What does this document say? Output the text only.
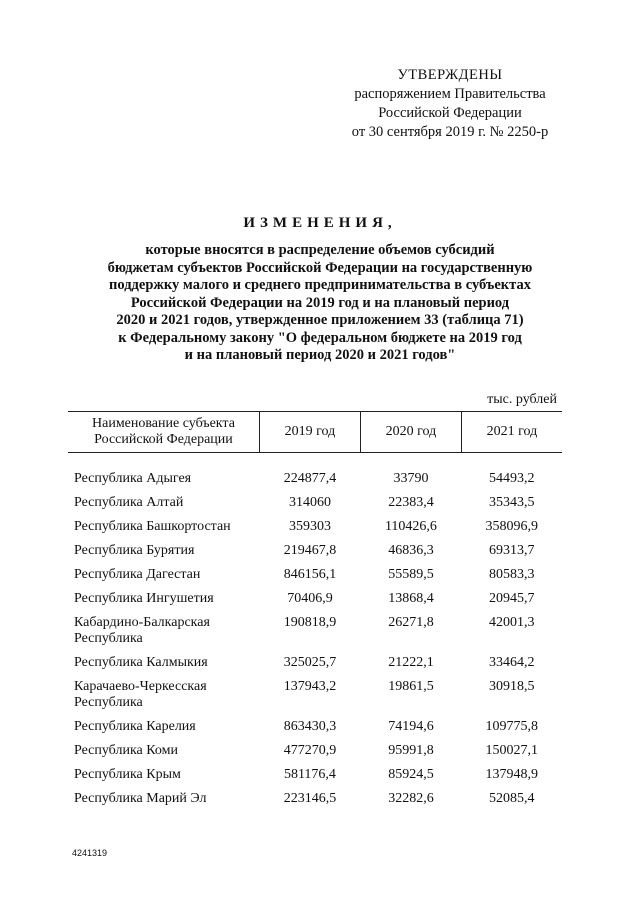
УТВЕРЖДЕНЫ
распоряжением Правительства
Российской Федерации
от 30 сентября 2019 г. № 2250-р
ИЗМЕНЕНИЯ,
которые вносятся в распределение объемов субсидий
бюджетам субъектов Российской Федерации на государственную
поддержку малого и среднего предпринимательства в субъектах
Российской Федерации на 2019 год и на плановый период
2020 и 2021 годов, утвержденное приложением 33 (таблица 71)
к Федеральному закону "О федеральном бюджете на 2019 год
и на плановый период 2020 и 2021 годов"
тыс. рублей
Наименование субъекта Российской Федерации	2019 год	2020 год	2021 год

Республика Адыгея	224877,4	33790	54493,2
Республика Алтай	314060	22383,4	35343,5
Республика Башкортостан	359303	110426,6	358096,9
Республика Бурятия	219467,8	46836,3	69313,7
Республика Дагестан	846156,1	55589,5	80583,3
Республика Ингушетия	70406,9	13868,4	20945,7
Кабардино-Балкарская Республика	190818,9	26271,8	42001,3
Республика Калмыкия	325025,7	21222,1	33464,2
Карачаево-Черкесская Республика	137943,2	19861,5	30918,5
Республика Карелия	863430,3	74194,6	109775,8
Республика Коми	477270,9	95991,8	150027,1
Республика Крым	581176,4	85924,5	137948,9
Республика Марий Эл	223146,5	32282,6	52085,4
4241319
